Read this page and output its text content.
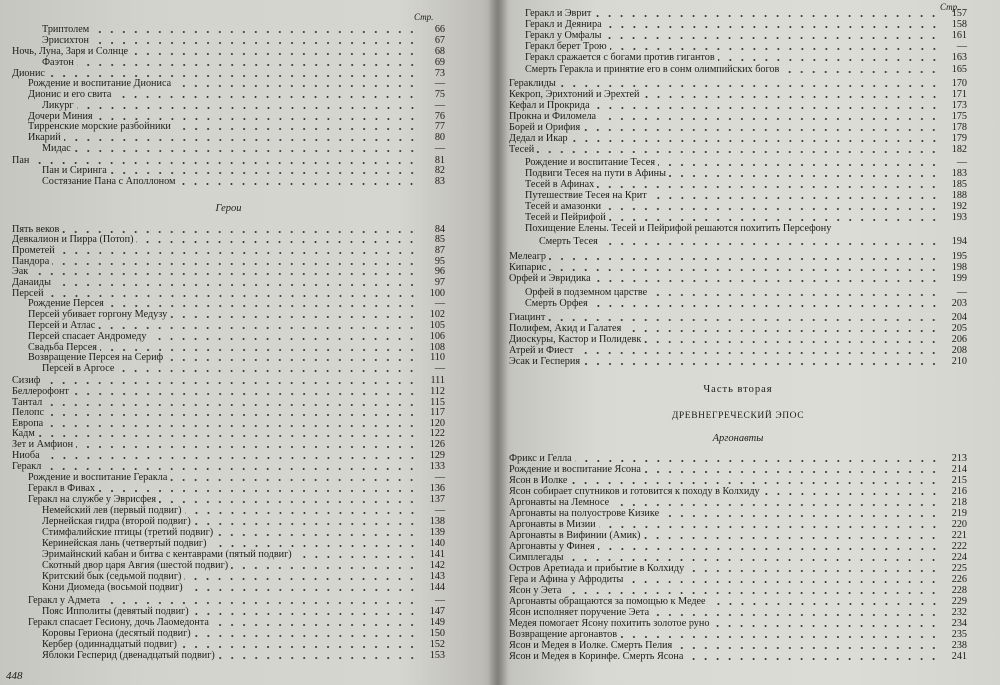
Стр.
Герои
Триптолем	66
Эрисихтон	67
Ночь, Луна, Заря и Солнце	68
Фаэтон	69
Дионис	73
Рождение и воспитание Диониса	—
Дионис и его свита	75
Ликург	—
Дочери Миния	76
Тирренские морские разбойники	77
Икарий	80
Мидас	—
Пан	81
Пан и Сиринга	82
Состязание Пана с Аполлоном	83
Пять веков	84
Девкалион и Пирра (Потоп)	85
Прометей	87
Пандора	95
Эак	96
Данаиды	97
Персей	100
Рождение Персея	—
Персей убивает горгону Медузу	102
Персей и Атлас	105
Персей спасает Андромеду	106
Свадьба Персея	108
Возвращение Персея на Сериф	110
Персей в Аргосе	—
Сизиф	111
Беллерофонт	112
Тантал	115
Пелопс	117
Европа	120
Кадм	122
Зет и Амфион	126
Ниоба	129
Геракл	133
Рождение и воспитание Геракла	—
Геракл в Фивах	136
Геракл на службе у Эврисфея	137
Немейский лев (первый подвиг)	—
Лернейская гидра (второй подвиг)	138
Стимфалийские птицы (третий подвиг)	139
Керинейская лань (четвертый подвиг)	140
Эримайнский кабан и битва с кентаврами (пятый подвиг)	141
Скотный двор царя Авгия (шестой подвиг)	142
Критский бык (седьмой подвиг)	143
Кони Диомеда (восьмой подвиг)	144
Геракл у Адмета	—
Пояс Ипполиты (девятый подвиг)	147
Геракл спасает Гесиону, дочь Лаомедонта	149
Коровы Гериона (десятый подвиг)	150
Кербер (одиннадцатый подвиг)	152
Яблоки Гесперид (двенадцатый подвиг)	153
448
Стр.
Часть вторая
ДРЕВНЕГРЕЧЕСКИЙ ЭПОС
Аргонавты
Геракл и Эврит	157
Геракл и Деянира	158
Геракл у Омфалы	161
Геракл берет Трою	—
Геракл сражается с богами против гигантов	163
Смерть Геракла и принятие его в сонм олимпийских богов	165
Гераклиды	170
Кекроп, Эрихтоний и Эрехтей	171
Кефал и Прокрида	173
Прокна и Филомела	175
Борей и Орифия	178
Дедал и Икар	179
Тесей	182
Рождение и воспитание Тесея	—
Подвиги Тесея на пути в Афины	183
Тесей в Афинах	185
Путешествие Тесея на Крит	188
Тесей и амазонки	192
Тесей и Пейрифой	193
Похищение Елены. Тесей и Пейрифой решаются похитить Персефону
Смерть Тесея	194
Мелеагр	195
Кипарис	198
Орфей и Эвридика	199
Орфей в подземном царстве	—
Смерть Орфея	203
Гиацинт	204
Полифем, Акид и Галатея	205
Диоскуры, Кастор и Полидевк	206
Атрей и Фиест	208
Эсак и Гесперия	210
Фрикс и Гелла	213
Рождение и воспитание Ясона	214
Ясон в Иолке	215
Ясон собирает спутников и готовится к походу в Колхиду	216
Аргонавты на Лемносе	218
Аргонавты на полуострове Кизике	219
Аргонавты в Мизии	220
Аргонавты в Вифинии (Амик)	221
Аргонавты у Финея	222
Симплегады	224
Остров Аретиада и прибытие в Колхиду	225
Гера и Афина у Афродиты	226
Ясон у Эета	228
Аргонавты обращаются за помощью к Медее	229
Ясон исполняет поручение Эета	232
Медея помогает Ясону похитить золотое руно	234
Возвращение аргонавтов	235
Ясон и Медея в Иолке. Смерть Пелия	238
Ясон и Медея в Коринфе. Смерть Ясона	241
